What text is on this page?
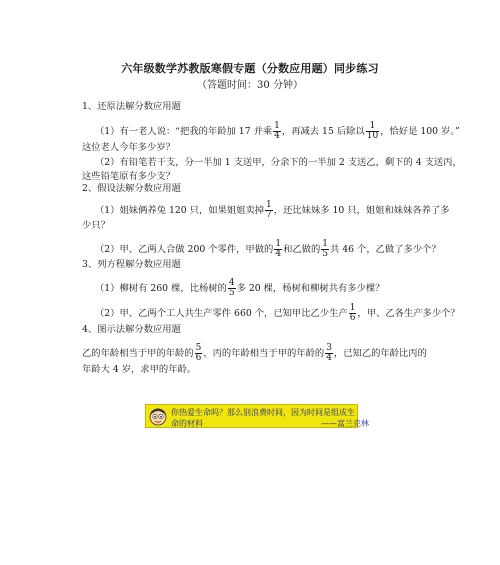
六年级数学苏教版寒假专题（分数应用题）同步练习
（答题时间：30 分钟）
1、还原法解分数应用题
（1）有一老人说：“把我的年龄加 17 并乘 $\frac{1}{4}$ ，再减去 15 后除以 $\frac{1}{10}$ ，恰好是 100 岁。”
这位老人今年多少岁？
（2）有铅笔若干支，分一半加 1 支送甲，分余下的一半加 2 支送乙，剩下的 4 支送丙，
这些铅笔原有多少支？
2、假设法解分数应用题
（1）姐妹俩养兔 120 只，如果姐姐卖掉 $\frac{1}{7}$ ，还比妹妹多 10 只，姐姐和妹妹各养了多
少只？
（2）甲、乙两人合做 200 个零件，甲做的 $\frac{1}{4}$ 和乙做的 $\frac{1}{5}$ 共 46 个，乙做了多少个？
3、列方程解分数应用题
（1）柳树有 260 棵，比杨树的 $\frac{4}{5}$ 多 20 棵，杨树和柳树共有多少棵？
（2）甲、乙两个工人共生产零件 660 个，已知甲比乙少生产 $\frac{1}{6}$ ，甲、乙各生产多少个？
4、图示法解分数应用题
乙的年龄相当于甲的年龄的 $\frac{5}{6}$ ，丙的年龄相当于甲的年龄的 $\frac{3}{4}$ ，已知乙的年龄比丙的
年龄大 4 岁，求甲的年龄。
你热爱生命吗？那么别浪费时间，因为时间是组成生
命的材料	——富兰克林
